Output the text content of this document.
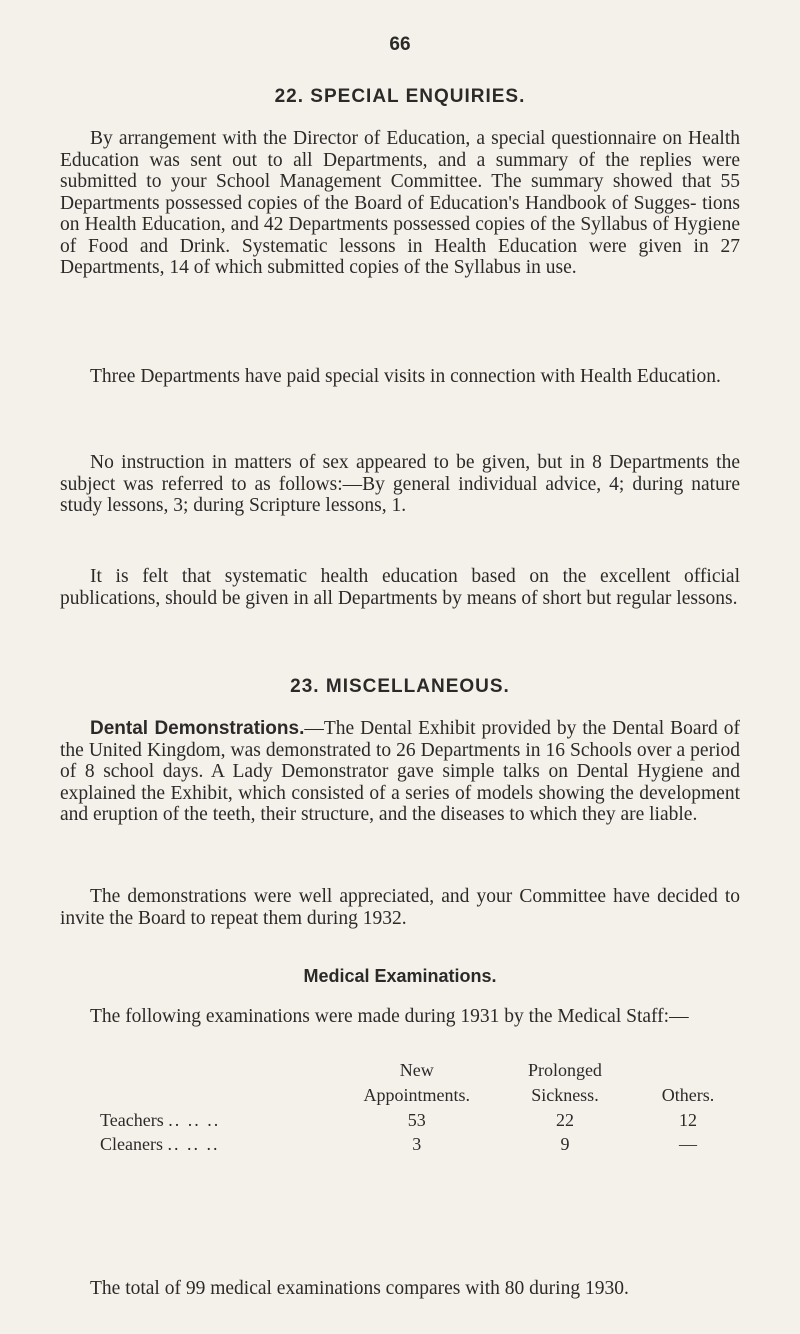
66
22. SPECIAL ENQUIRIES.

By arrangement with the Director of Education, a special questionnaire on Health Education was sent out to all Departments, and a summary of the replies were submitted to your School Management Committee. The summary showed that 55 Departments possessed copies of the Board of Education's Handbook of Sugges- tions on Health Education, and 42 Departments possessed copies of the Syllabus of Hygiene of Food and Drink. Systematic lessons in Health Education were given in 27 Departments, 14 of which submitted copies of the Syllabus in use.

Three Departments have paid special visits in connection with Health Education.

No instruction in matters of sex appeared to be given, but in 8 Departments the subject was referred to as follows:—By general individual advice, 4; during nature study lessons, 3; during Scripture lessons, 1.

It is felt that systematic health education based on the excellent official publications, should be given in all Departments by means of short but regular lessons.

23. MISCELLANEOUS.

Dental Demonstrations.—The Dental Exhibit provided by the Dental Board of the United Kingdom, was demonstrated to 26 Departments in 16 Schools over a period of 8 school days. A Lady Demonstrator gave simple talks on Dental Hygiene and explained the Exhibit, which consisted of a series of models showing the development and eruption of the teeth, their structure, and the diseases to which they are liable.

The demonstrations were well appreciated, and your Committee have decided to invite the Board to repeat them during 1932.

Medical Examinations.

The following examinations were made during 1931 by the Medical Staff:—

	New	Prolonged	
	Appointments.	Sickness.	Others.
Teachers .. .. ..	53	22	12
Cleaners .. .. ..	3	9	—

The total of 99 medical examinations compares with 80 during 1930.
